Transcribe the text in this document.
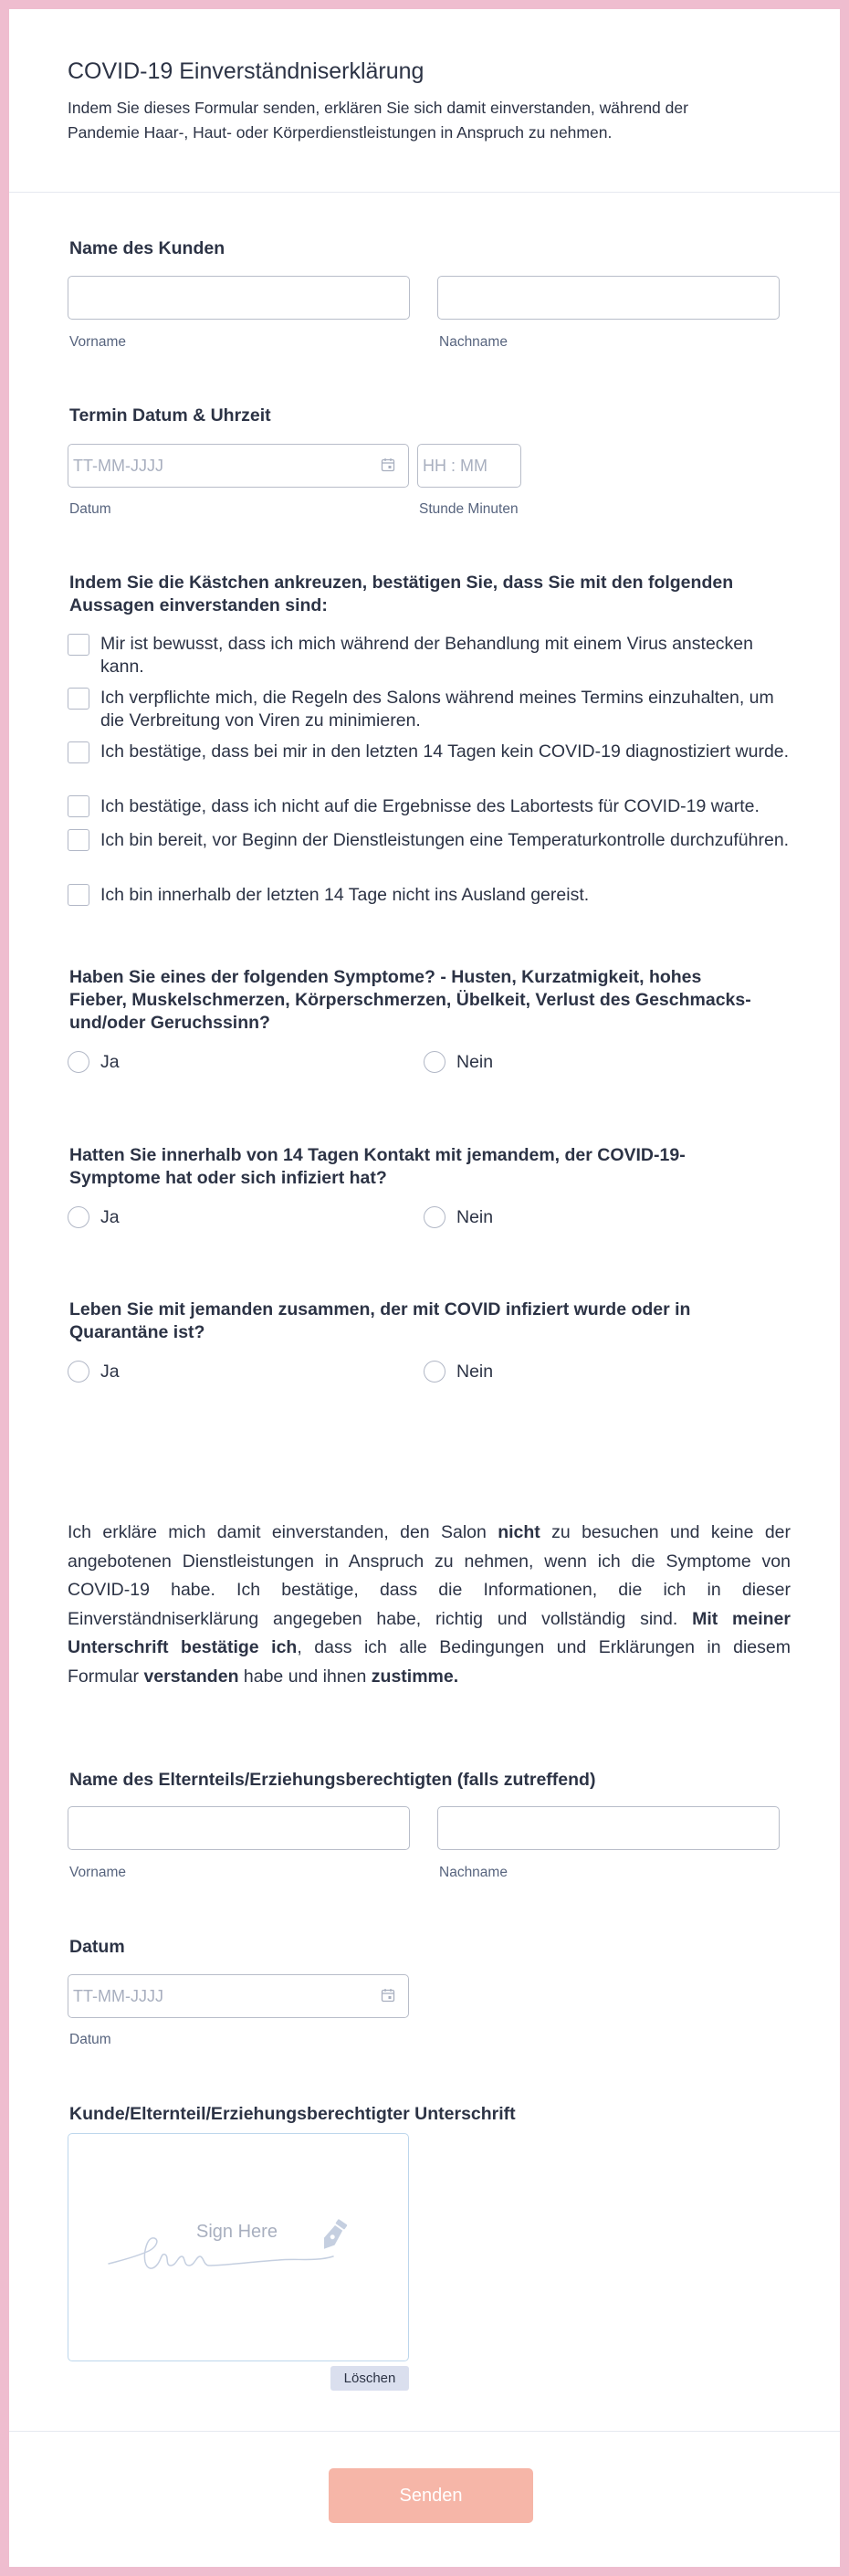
COVID-19 Einverständniserklärung
Indem Sie dieses Formular senden, erklären Sie sich damit einverstanden, während der Pandemie Haar-, Haut- oder Körperdienstleistungen in Anspruch zu nehmen.
Name des Kunden
Vorname	Nachname
Termin Datum & Uhrzeit
TT-MM-JJJJ	HH : MM
Datum	Stunde Minuten
Indem Sie die Kästchen ankreuzen, bestätigen Sie, dass Sie mit den folgenden Aussagen einverstanden sind:
Mir ist bewusst, dass ich mich während der Behandlung mit einem Virus anstecken kann.
Ich verpflichte mich, die Regeln des Salons während meines Termins einzuhalten, um die Verbreitung von Viren zu minimieren.
Ich bestätige, dass bei mir in den letzten 14 Tagen kein COVID-19 diagnostiziert wurde.
Ich bestätige, dass ich nicht auf die Ergebnisse des Labortests für COVID-19 warte.
Ich bin bereit, vor Beginn der Dienstleistungen eine Temperaturkontrolle durchzuführen.
Ich bin innerhalb der letzten 14 Tage nicht ins Ausland gereist.
Haben Sie eines der folgenden Symptome? - Husten, Kurzatmigkeit, hohes Fieber, Muskelschmerzen, Körperschmerzen, Übelkeit, Verlust des Geschmacks- und/oder Geruchssinn?
Ja	Nein
Hatten Sie innerhalb von 14 Tagen Kontakt mit jemandem, der COVID-19-Symptome hat oder sich infiziert hat?
Ja	Nein
Leben Sie mit jemanden zusammen, der mit COVID infiziert wurde oder in Quarantäne ist?
Ja	Nein
Ich erkläre mich damit einverstanden, den Salon nicht zu besuchen und keine der angebotenen Dienstleistungen in Anspruch zu nehmen, wenn ich die Symptome von COVID-19 habe. Ich bestätige, dass die Informationen, die ich in dieser Einverständniserklärung angegeben habe, richtig und vollständig sind. Mit meiner Unterschrift bestätige ich, dass ich alle Bedingungen und Erklärungen in diesem Formular verstanden habe und ihnen zustimme.
Name des Elternteils/Erziehungsberechtigten (falls zutreffend)
Vorname	Nachname
Datum
TT-MM-JJJJ
Datum
Kunde/Elternteil/Erziehungsberechtigter Unterschrift
Sign Here
Löschen
Senden
